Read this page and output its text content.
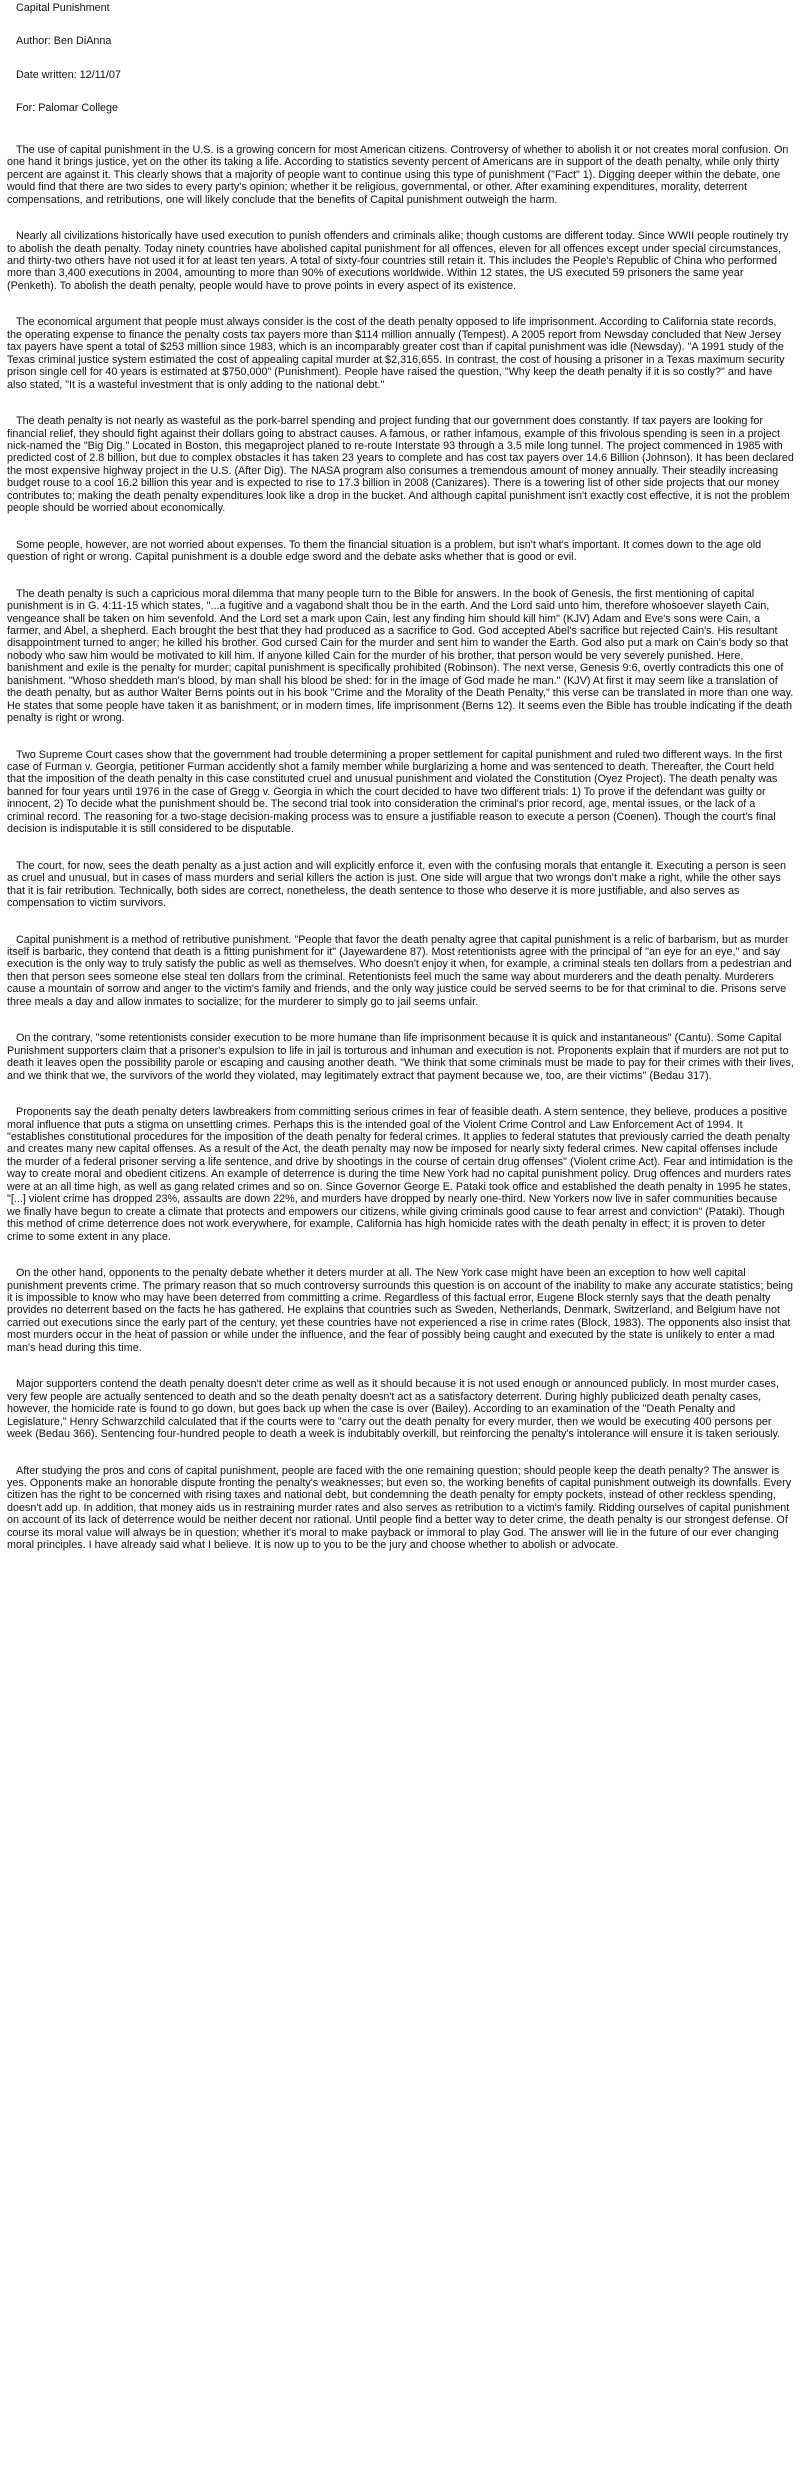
Capital Punishment
Author: Ben DiAnna
Date written: 12/11/07
For: Palomar College

The use of capital punishment in the U.S. is a growing concern for most American citizens. Controversy of whether to abolish it or not creates moral confusion. On one hand it brings justice, yet on the other its taking a life. According to statistics seventy percent of Americans are in support of the death penalty, while only thirty percent are against it. This clearly shows that a majority of people want to continue using this type of punishment ("Fact" 1). Digging deeper within the debate, one would find that there are two sides to every party's opinion; whether it be religious, governmental, or other. After examining expenditures, morality, deterrent compensations, and retributions, one will likely conclude that the benefits of Capital punishment outweigh the harm.

Nearly all civilizations historically have used execution to punish offenders and criminals alike; though customs are different today. Since WWII people routinely try to abolish the death penalty. Today ninety countries have abolished capital punishment for all offences, eleven for all offences except under special circumstances, and thirty-two others have not used it for at least ten years. A total of sixty-four countries still retain it. This includes the People's Republic of China who performed more than 3,400 executions in 2004, amounting to more than 90% of executions worldwide. Within 12 states, the US executed 59 prisoners the same year (Penketh). To abolish the death penalty, people would have to prove points in every aspect of its existence.

The economical argument that people must always consider is the cost of the death penalty opposed to life imprisonment. According to California state records, the operating expense to finance the penalty costs tax payers more than $114 million annually (Tempest). A 2005 report from Newsday concluded that New Jersey tax payers have spent a total of $253 million since 1983, which is an incomparably greater cost than if capital punishment was idle (Newsday). "A 1991 study of the Texas criminal justice system estimated the cost of appealing capital murder at $2,316,655. In contrast, the cost of housing a prisoner in a Texas maximum security prison single cell for 40 years is estimated at $750,000" (Punishment). People have raised the question, "Why keep the death penalty if it is so costly?" and have also stated, "It is a wasteful investment that is only adding to the national debt."

The death penalty is not nearly as wasteful as the pork-barrel spending and project funding that our government does constantly. If tax payers are looking for financial relief, they should fight against their dollars going to abstract causes. A famous, or rather infamous, example of this frivolous spending is seen in a project nick-named the "Big Dig." Located in Boston, this megaproject planed to re-route Interstate 93 through a 3.5 mile long tunnel. The project commenced in 1985 with predicted cost of 2.8 billion, but due to complex obstacles it has taken 23 years to complete and has cost tax payers over 14.6 Billion (Johnson). It has been declared the most expensive highway project in the U.S. (After Dig). The NASA program also consumes a tremendous amount of money annually. Their steadily increasing budget rouse to a cool 16.2 billion this year and is expected to rise to 17.3 billion in 2008 (Canizares). There is a towering list of other side projects that our money contributes to; making the death penalty expenditures look like a drop in the bucket. And although capital punishment isn't exactly cost effective, it is not the problem people should be worried about economically.

Some people, however, are not worried about expenses. To them the financial situation is a problem, but isn't what's important. It comes down to the age old question of right or wrong. Capital punishment is a double edge sword and the debate asks whether that is good or evil.

The death penalty is such a capricious moral dilemma that many people turn to the Bible for answers. In the book of Genesis, the first mentioning of capital punishment is in G. 4:11-15 which states, "...a fugitive and a vagabond shalt thou be in the earth. And the Lord said unto him, therefore whosoever slayeth Cain, vengeance shall be taken on him sevenfold. And the Lord set a mark upon Cain, lest any finding him should kill him" (KJV) Adam and Eve's sons were Cain, a farmer, and Abel, a shepherd. Each brought the best that they had produced as a sacrifice to God. God accepted Abel's sacrifice but rejected Cain's. His resultant disappointment turned to anger; he killed his brother. God cursed Cain for the murder and sent him to wander the Earth. God also put a mark on Cain's body so that nobody who saw him would be motivated to kill him. If anyone killed Cain for the murder of his brother, that person would be very severely punished. Here, banishment and exile is the penalty for murder; capital punishment is specifically prohibited (Robinson). The next verse, Genesis 9:6, overtly contradicts this one of banishment. "Whoso sheddeth man's blood, by man shall his blood be shed: for in the image of God made he man." (KJV) At first it may seem like a translation of the death penalty, but as author Walter Berns points out in his book "Crime and the Morality of the Death Penalty," this verse can be translated in more than one way. He states that some people have taken it as banishment; or in modern times, life imprisonment (Berns 12). It seems even the Bible has trouble indicating if the death penalty is right or wrong.

Two Supreme Court cases show that the government had trouble determining a proper settlement for capital punishment and ruled two different ways. In the first case of Furman v. Georgia, petitioner Furman accidently shot a family member while burglarizing a home and was sentenced to death. Thereafter, the Court held that the imposition of the death penalty in this case constituted cruel and unusual punishment and violated the Constitution (Oyez Project). The death penalty was banned for four years until 1976 in the case of Gregg v. Georgia in which the court decided to have two different trials: 1) To prove if the defendant was guilty or innocent, 2) To decide what the punishment should be. The second trial took into consideration the criminal's prior record, age, mental issues, or the lack of a criminal record. The reasoning for a two-stage decision-making process was to ensure a justifiable reason to execute a person (Coenen). Though the court's final decision is indisputable it is still considered to be disputable.

The court, for now, sees the death penalty as a just action and will explicitly enforce it, even with the confusing morals that entangle it. Executing a person is seen as cruel and unusual, but in cases of mass murders and serial killers the action is just. One side will argue that two wrongs don't make a right, while the other says that it is fair retribution. Technically, both sides are correct, nonetheless, the death sentence to those who deserve it is more justifiable, and also serves as compensation to victim survivors.

Capital punishment is a method of retributive punishment. "People that favor the death penalty agree that capital punishment is a relic of barbarism, but as murder itself is barbaric, they contend that death is a fitting punishment for it" (Jayewardene 87). Most retentionists agree with the principal of "an eye for an eye," and say execution is the only way to truly satisfy the public as well as themselves. Who doesn't enjoy it when, for example, a criminal steals ten dollars from a pedestrian and then that person sees someone else steal ten dollars from the criminal. Retentionists feel much the same way about murderers and the death penalty. Murderers cause a mountain of sorrow and anger to the victim's family and friends, and the only way justice could be served seems to be for that criminal to die. Prisons serve three meals a day and allow inmates to socialize; for the murderer to simply go to jail seems unfair.

On the contrary, "some retentionists consider execution to be more humane than life imprisonment because it is quick and instantaneous" (Cantu). Some Capital Punishment supporters claim that a prisoner's expulsion to life in jail is torturous and inhuman and execution is not. Proponents explain that if murders are not put to death it leaves open the possibility parole or escaping and causing another death. "We think that some criminals must be made to pay for their crimes with their lives, and we think that we, the survivors of the world they violated, may legitimately extract that payment because we, too, are their victims" (Bedau 317).

Proponents say the death penalty deters lawbreakers from committing serious crimes in fear of feasible death. A stern sentence, they believe, produces a positive moral influence that puts a stigma on unsettling crimes. Perhaps this is the intended goal of the Violent Crime Control and Law Enforcement Act of 1994. It "establishes constitutional procedures for the imposition of the death penalty for federal crimes. It applies to federal statutes that previously carried the death penalty and creates many new capital offenses. As a result of the Act, the death penalty may now be imposed for nearly sixty federal crimes. New capital offenses include the murder of a federal prisoner serving a life sentence, and drive by shootings in the course of certain drug offenses" (Violent crime Act). Fear and intimidation is the way to create moral and obedient citizens. An example of deterrence is during the time New York had no capital punishment policy. Drug offences and murders rates were at an all time high, as well as gang related crimes and so on. Since Governor George E. Pataki took office and established the death penalty in 1995 he states, "[...] violent crime has dropped 23%, assaults are down 22%, and murders have dropped by nearly one-third. New Yorkers now live in safer communities because we finally have begun to create a climate that protects and empowers our citizens, while giving criminals good cause to fear arrest and conviction" (Pataki). Though this method of crime deterrence does not work everywhere, for example, California has high homicide rates with the death penalty in effect; it is proven to deter crime to some extent in any place.

On the other hand, opponents to the penalty debate whether it deters murder at all. The New York case might have been an exception to how well capital punishment prevents crime. The primary reason that so much controversy surrounds this question is on account of the inability to make any accurate statistics; being it is impossible to know who may have been deterred from committing a crime. Regardless of this factual error, Eugene Block sternly says that the death penalty provides no deterrent based on the facts he has gathered. He explains that countries such as Sweden, Netherlands, Denmark, Switzerland, and Belgium have not carried out executions since the early part of the century, yet these countries have not experienced a rise in crime rates (Block, 1983). The opponents also insist that most murders occur in the heat of passion or while under the influence, and the fear of possibly being caught and executed by the state is unlikely to enter a mad man's head during this time.

Major supporters contend the death penalty doesn't deter crime as well as it should because it is not used enough or announced publicly. In most murder cases, very few people are actually sentenced to death and so the death penalty doesn't act as a satisfactory deterrent. During highly publicized death penalty cases, however, the homicide rate is found to go down, but goes back up when the case is over (Bailey). According to an examination of the "Death Penalty and Legislature," Henry Schwarzchild calculated that if the courts were to "carry out the death penalty for every murder, then we would be executing 400 persons per week (Bedau 366). Sentencing four-hundred people to death a week is indubitably overkill, but reinforcing the penalty's intolerance will ensure it is taken seriously.

After studying the pros and cons of capital punishment, people are faced with the one remaining question; should people keep the death penalty? The answer is yes. Opponents make an honorable dispute fronting the penalty's weaknesses; but even so, the working benefits of capital punishment outweigh its downfalls. Every citizen has the right to be concerned with rising taxes and national debt, but condemning the death penalty for empty pockets, instead of other reckless spending, doesn't add up. In addition, that money aids us in restraining murder rates and also serves as retribution to a victim's family. Ridding ourselves of capital punishment on account of its lack of deterrence would be neither decent nor rational. Until people find a better way to deter crime, the death penalty is our strongest defense. Of course its moral value will always be in question; whether it's moral to make payback or immoral to play God. The answer will lie in the future of our ever changing moral principles. I have already said what I believe. It is now up to you to be the jury and choose whether to abolish or advocate.
